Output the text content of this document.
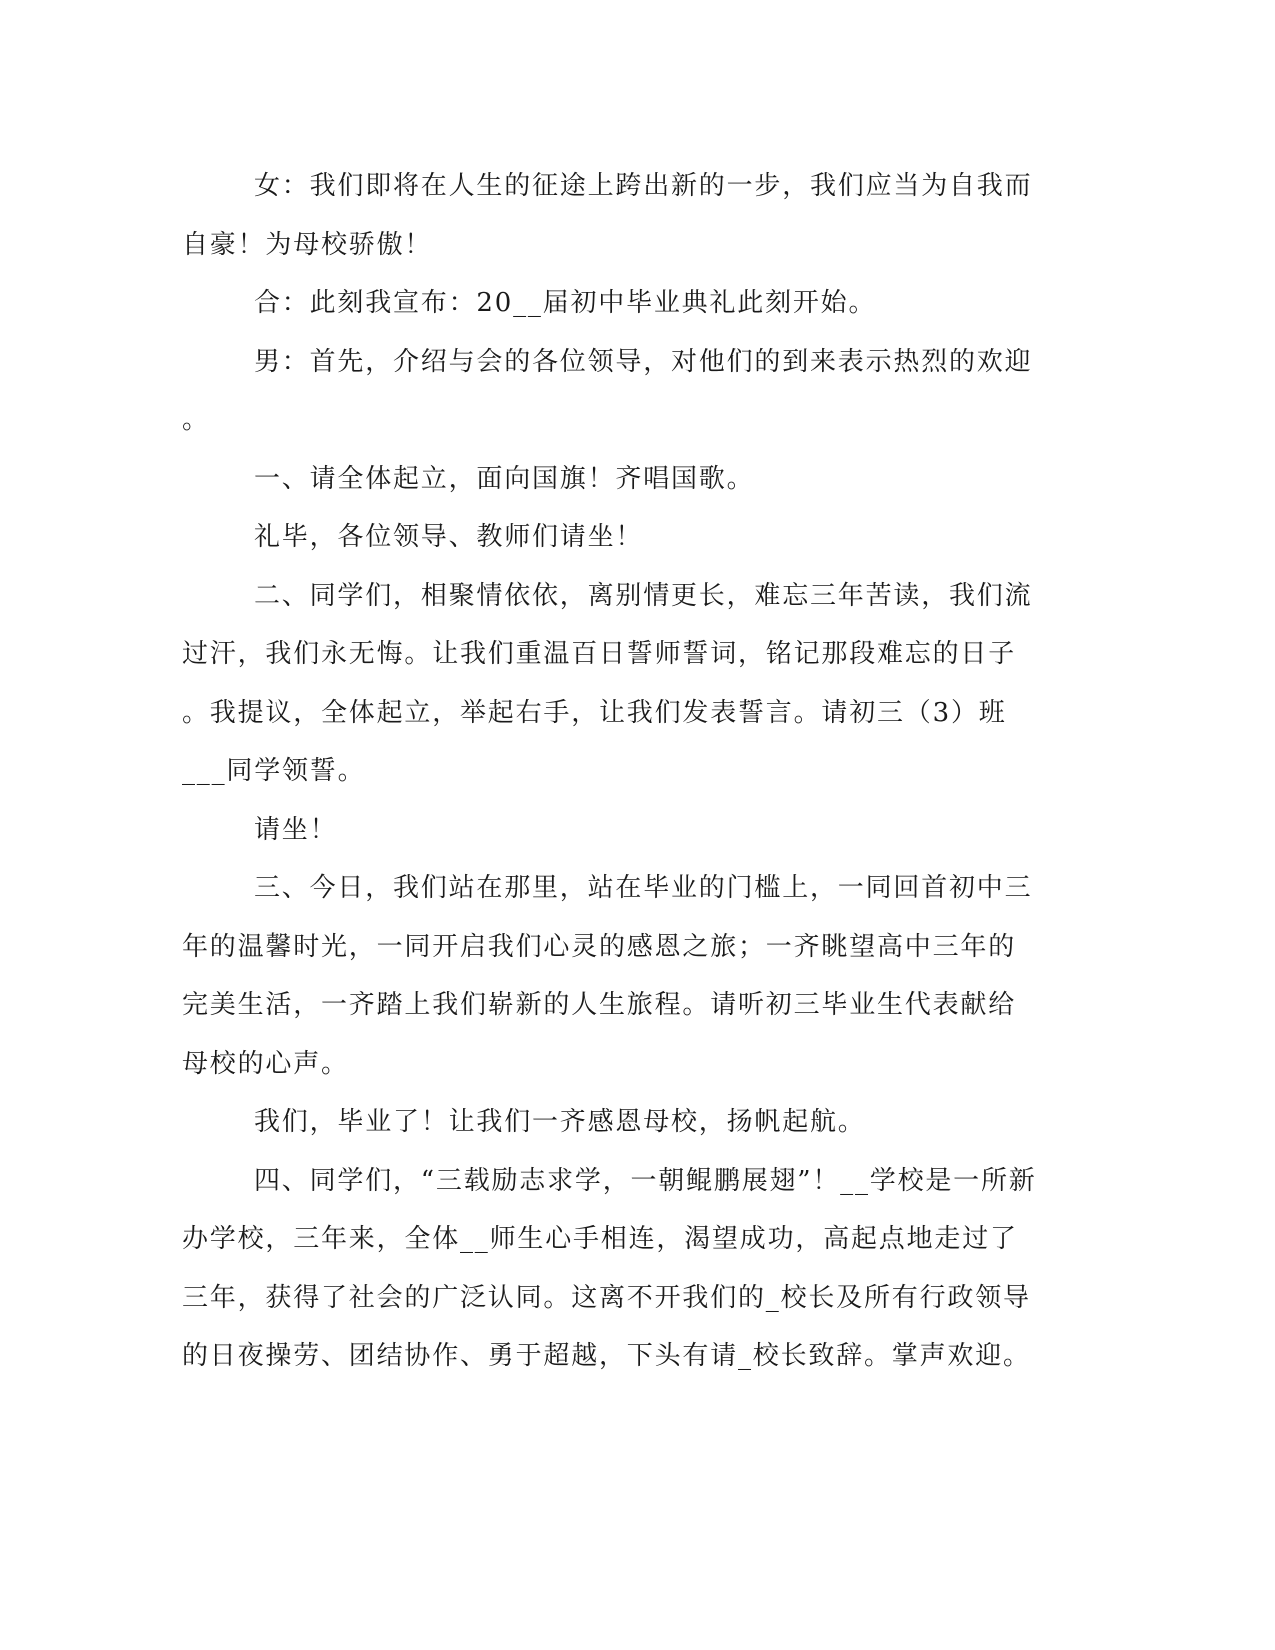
女：我们即将在人生的征途上跨出新的一步，我们应当为自我而
自豪！为母校骄傲！

合：此刻我宣布：20__届初中毕业典礼此刻开始。

男：首先，介绍与会的各位领导，对他们的到来表示热烈的欢迎
。

一、请全体起立，面向国旗！齐唱国歌。

礼毕，各位领导、教师们请坐！

二、同学们，相聚情依依，离别情更长，难忘三年苦读，我们流
过汗，我们永无悔。让我们重温百日誓师誓词，铭记那段难忘的日子
。我提议，全体起立，举起右手，让我们发表誓言。请初三（3）班
___同学领誓。

请坐！

三、今日，我们站在那里，站在毕业的门槛上，一同回首初中三
年的温馨时光，一同开启我们心灵的感恩之旅；一齐眺望高中三年的
完美生活，一齐踏上我们崭新的人生旅程。请听初三毕业生代表献给
母校的心声。

我们，毕业了！让我们一齐感恩母校，扬帆起航。

四、同学们，“三载励志求学，一朝鲲鹏展翅”！__学校是一所新
办学校，三年来，全体__师生心手相连，渴望成功，高起点地走过了
三年，获得了社会的广泛认同。这离不开我们的_校长及所有行政领导
的日夜操劳、团结协作、勇于超越，下头有请_校长致辞。掌声欢迎。
